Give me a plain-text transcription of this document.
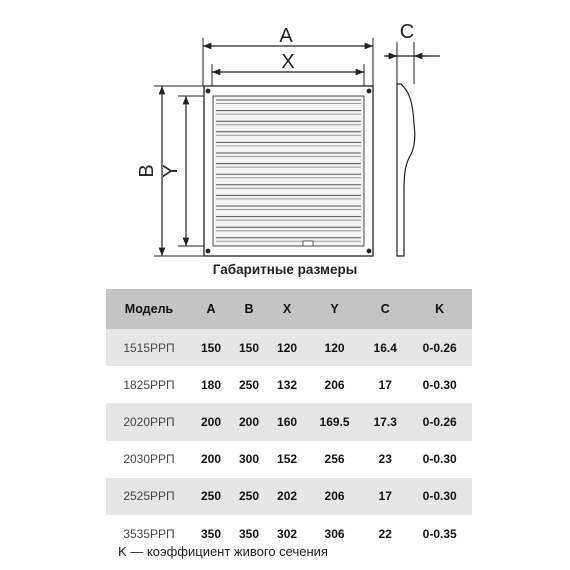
A
X
B Y
C
Габаритные размеры
Модель	A	B	X	Y	C	K
1515РРП	150	150	120	120	16.4	0-0.26
1825РРП	180	250	132	206	17	0-0.30
2020РРП	200	200	160	169.5	17.3	0-0.26
2030РРП	200	300	152	256	23	0-0.30
2525РРП	250	250	202	206	17	0-0.30
3535РРП	350	350	302	306	22	0-0.35
K — коэффициент живого сечения
